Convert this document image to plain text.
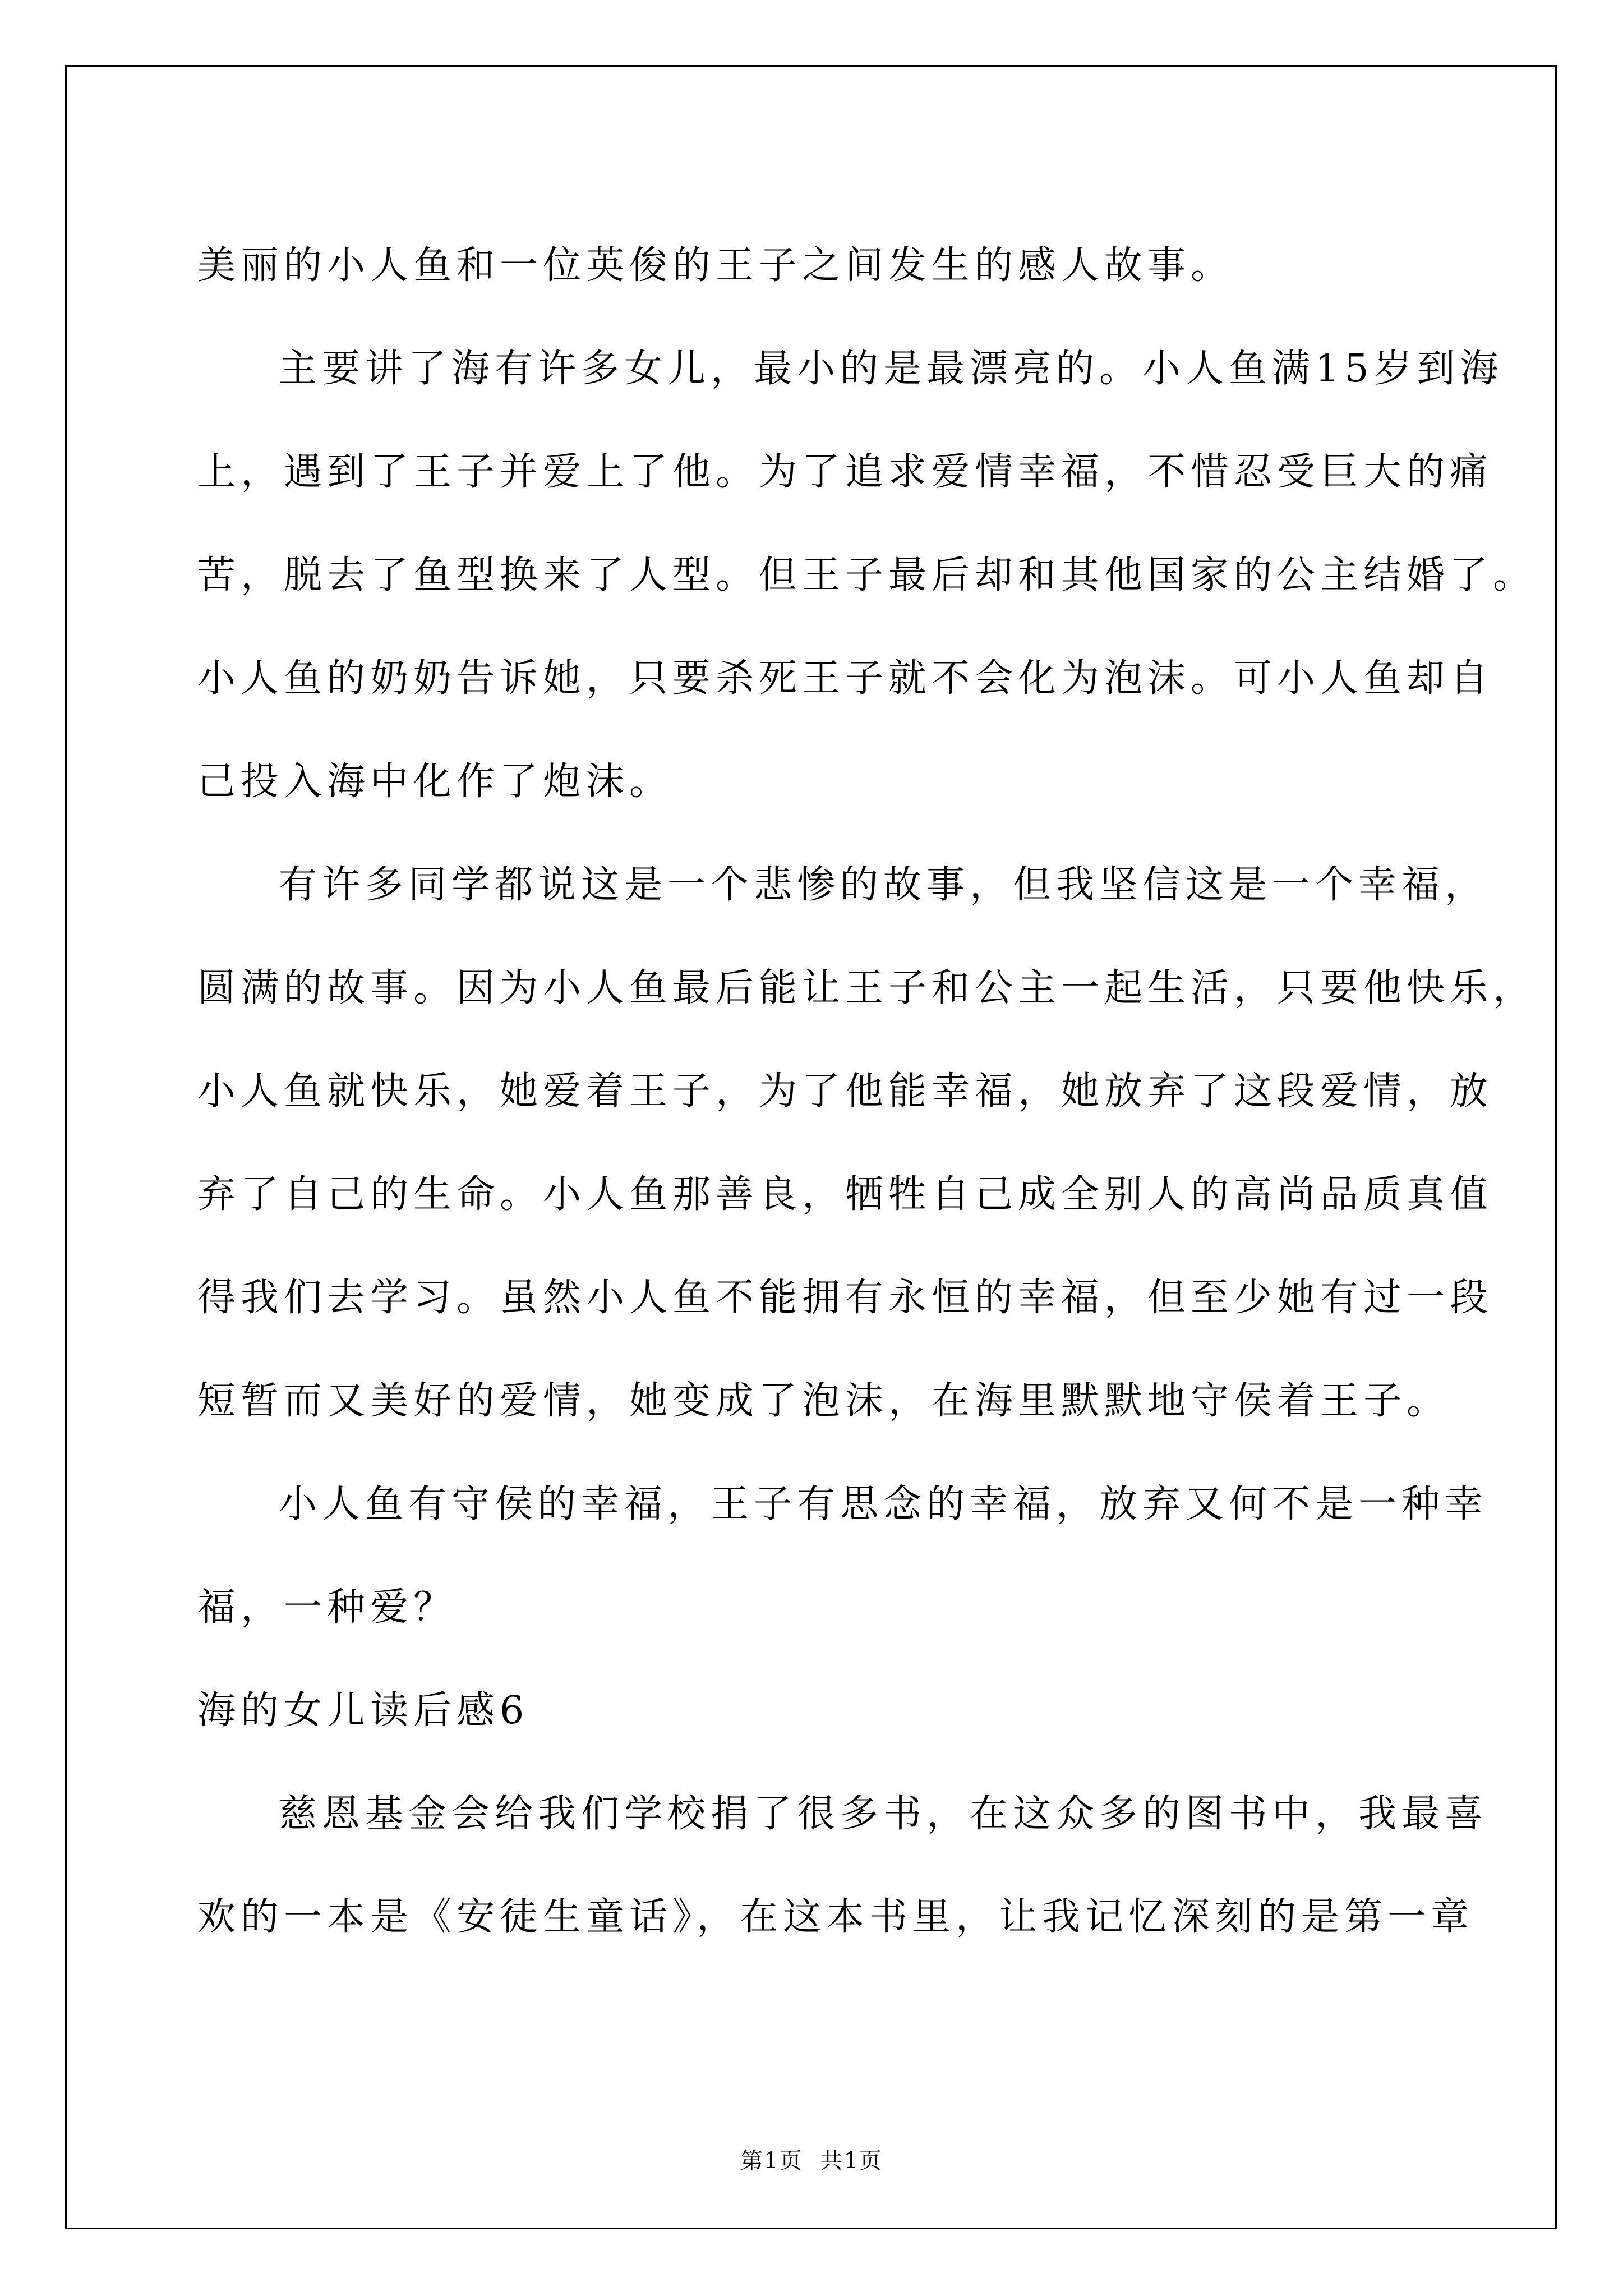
美丽的小人鱼和一位英俊的王子之间发生的感人故事。
主要讲了海有许多女儿，最小的是最漂亮的。小人鱼满15岁到海
上，遇到了王子并爱上了他。为了追求爱情幸福，不惜忍受巨大的痛
苦，脱去了鱼型换来了人型。但王子最后却和其他国家的公主结婚了。
小人鱼的奶奶告诉她，只要杀死王子就不会化为泡沫。可小人鱼却自
己投入海中化作了炮沫。
有许多同学都说这是一个悲惨的故事，但我坚信这是一个幸福，
圆满的故事。因为小人鱼最后能让王子和公主一起生活，只要他快乐，
小人鱼就快乐，她爱着王子，为了他能幸福，她放弃了这段爱情，放
弃了自己的生命。小人鱼那善良，牺牲自己成全别人的高尚品质真值
得我们去学习。虽然小人鱼不能拥有永恒的幸福，但至少她有过一段
短暂而又美好的爱情，她变成了泡沫，在海里默默地守侯着王子。
小人鱼有守侯的幸福，王子有思念的幸福，放弃又何不是一种幸
福，一种爱？
海的女儿读后感6
慈恩基金会给我们学校捐了很多书，在这众多的图书中，我最喜
欢的一本是《安徒生童话》，在这本书里，让我记忆深刻的是第一章
第1页 共1页
